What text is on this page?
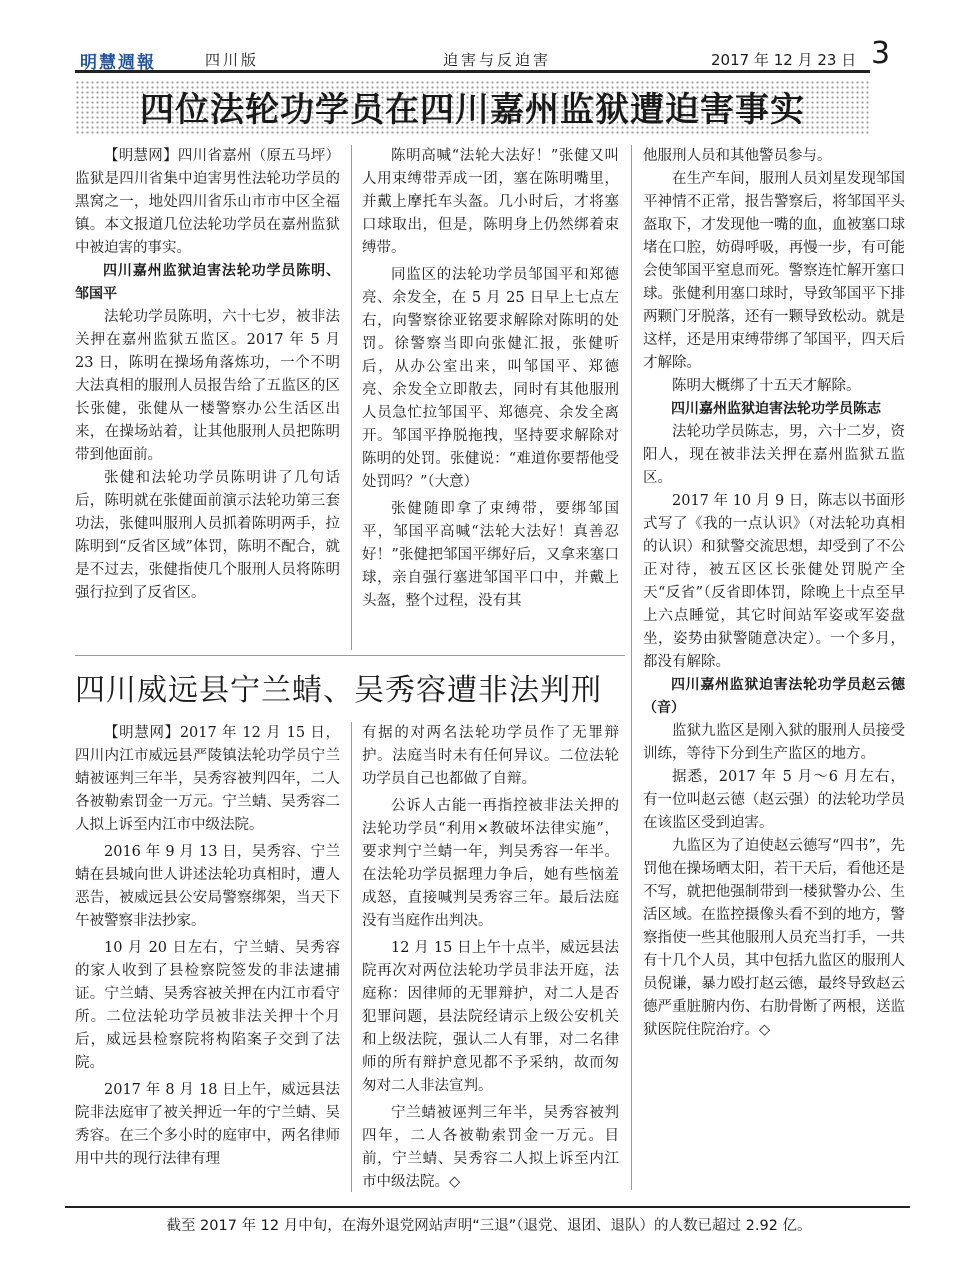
明慧週報	四川版	迫害与反迫害	2017 年 12 月 23 日 3
四位法轮功学员在四川嘉州监狱遭迫害事实

【明慧网】四川省嘉州（原五马坪）监狱是四川省集中迫害男性法轮功学员的黑窝之一，地处四川省乐山市市中区全福镇。本文报道几位法轮功学员在嘉州监狱中被迫害的事实。

四川嘉州监狱迫害法轮功学员陈明、邹国平

法轮功学员陈明，六十七岁，被非法关押在嘉州监狱五监区。2017 年 5 月 23 日，陈明在操场角落炼功，一个不明大法真相的服刑人员报告给了五监区的区长张健，张健从一楼警察办公生活区出来，在操场站着，让其他服刑人员把陈明带到他面前。

张健和法轮功学员陈明讲了几句话后，陈明就在张健面前演示法轮功第三套功法，张健叫服刑人员抓着陈明两手，拉陈明到“反省区域”体罚，陈明不配合，就是不过去，张健指使几个服刑人员将陈明强行拉到了反省区。

陈明高喊“法轮大法好！”张健又叫人用束缚带弄成一团，塞在陈明嘴里，并戴上摩托车头盔。几小时后，才将塞口球取出，但是，陈明身上仍然绑着束缚带。

同监区的法轮功学员邹国平和郑德亮、余发全，在 5 月 25 日早上七点左右，向警察徐亚铭要求解除对陈明的处罚。徐警察当即向张健汇报，张健听后，从办公室出来，叫邹国平、郑德亮、余发全立即散去，同时有其他服刑人员急忙拉邹国平、郑德亮、余发全离开。邹国平挣脱拖拽，坚持要求解除对陈明的处罚。张健说：“难道你要帮他受处罚吗？”（大意）

张健随即拿了束缚带，要绑邹国平，邹国平高喊“法轮大法好！真善忍好！”张健把邹国平绑好后，又拿来塞口球，亲自强行塞进邹国平口中，并戴上头盔，整个过程，没有其

他服刑人员和其他警员参与。

在生产车间，服刑人员刘星发现邹国平神情不正常，报告警察后，将邹国平头盔取下，才发现他一嘴的血，血被塞口球堵在口腔，妨碍呼吸，再慢一步，有可能会使邹国平窒息而死。警察连忙解开塞口球。张健利用塞口球时，导致邹国平下排两颗门牙脱落，还有一颗导致松动。就是这样，还是用束缚带绑了邹国平，四天后才解除。

陈明大概绑了十五天才解除。

四川嘉州监狱迫害法轮功学员陈志

法轮功学员陈志，男，六十二岁，资阳人，现在被非法关押在嘉州监狱五监区。

2017 年 10 月 9 日，陈志以书面形式写了《我的一点认识》（对法轮功真相的认识）和狱警交流思想，却受到了不公正对待，被五区区长张健处罚脱产全天“反省”（反省即体罚，除晚上十点至早上六点睡觉，其它时间站军姿或军姿盘坐，姿势由狱警随意决定）。一个多月，都没有解除。

四川嘉州监狱迫害法轮功学员赵云德（音）

监狱九监区是刚入狱的服刑人员接受训练，等待下分到生产监区的地方。

据悉，2017 年 5 月～6 月左右，有一位叫赵云德（赵云强）的法轮功学员在该监区受到迫害。

九监区为了迫使赵云德写“四书”，先罚他在操场晒太阳，若干天后，看他还是不写，就把他强制带到一楼狱警办公、生活区域。在监控摄像头看不到的地方，警察指使一些其他服刑人员充当打手，一共有十几个人员，其中包括九监区的服刑人员倪谦，暴力殴打赵云德，最终导致赵云德严重脏腑内伤、右肋骨断了两根，送监狱医院住院治疗。◇

四川威远县宁兰蜻、吴秀容遭非法判刑

【明慧网】2017 年 12 月 15 日，四川内江市威远县严陵镇法轮功学员宁兰蜻被诬判三年半，吴秀容被判四年，二人各被勒索罚金一万元。宁兰蜻、吴秀容二人拟上诉至内江市中级法院。

2016 年 9 月 13 日，吴秀容、宁兰蜻在县城向世人讲述法轮功真相时，遭人恶告，被威远县公安局警察绑架，当天下午被警察非法抄家。

10 月 20 日左右，宁兰蜻、吴秀容的家人收到了县检察院签发的非法逮捕证。宁兰蜻、吴秀容被关押在内江市看守所。二位法轮功学员被非法关押十个月后，威远县检察院将构陷案子交到了法院。

2017 年 8 月 18 日上午，威远县法院非法庭审了被关押近一年的宁兰蜻、吴秀容。在三个多小时的庭审中，两名律师用中共的现行法律有理

有据的对两名法轮功学员作了无罪辩护。法庭当时未有任何异议。二位法轮功学员自己也都做了自辩。

公诉人古能一再指控被非法关押的法轮功学员“利用×教破坏法律实施”，要求判宁兰蜻一年，判吴秀容一年半。在法轮功学员据理力争后，她有些恼羞成怒，直接喊判吴秀容三年。最后法庭没有当庭作出判决。

12 月 15 日上午十点半，威远县法院再次对两位法轮功学员非法开庭，法庭称：因律师的无罪辩护，对二人是否犯罪问题，县法院经请示上级公安机关和上级法院，强认二人有罪，对二名律师的所有辩护意见都不予采纳，故而匆匆对二人非法宣判。

宁兰蜻被诬判三年半，吴秀容被判四年，二人各被勒索罚金一万元。目前，宁兰蜻、吴秀容二人拟上诉至内江市中级法院。◇

截至 2017 年 12 月中旬，在海外退党网站声明“三退”（退党、退团、退队）的人数已超过 2.92 亿。
